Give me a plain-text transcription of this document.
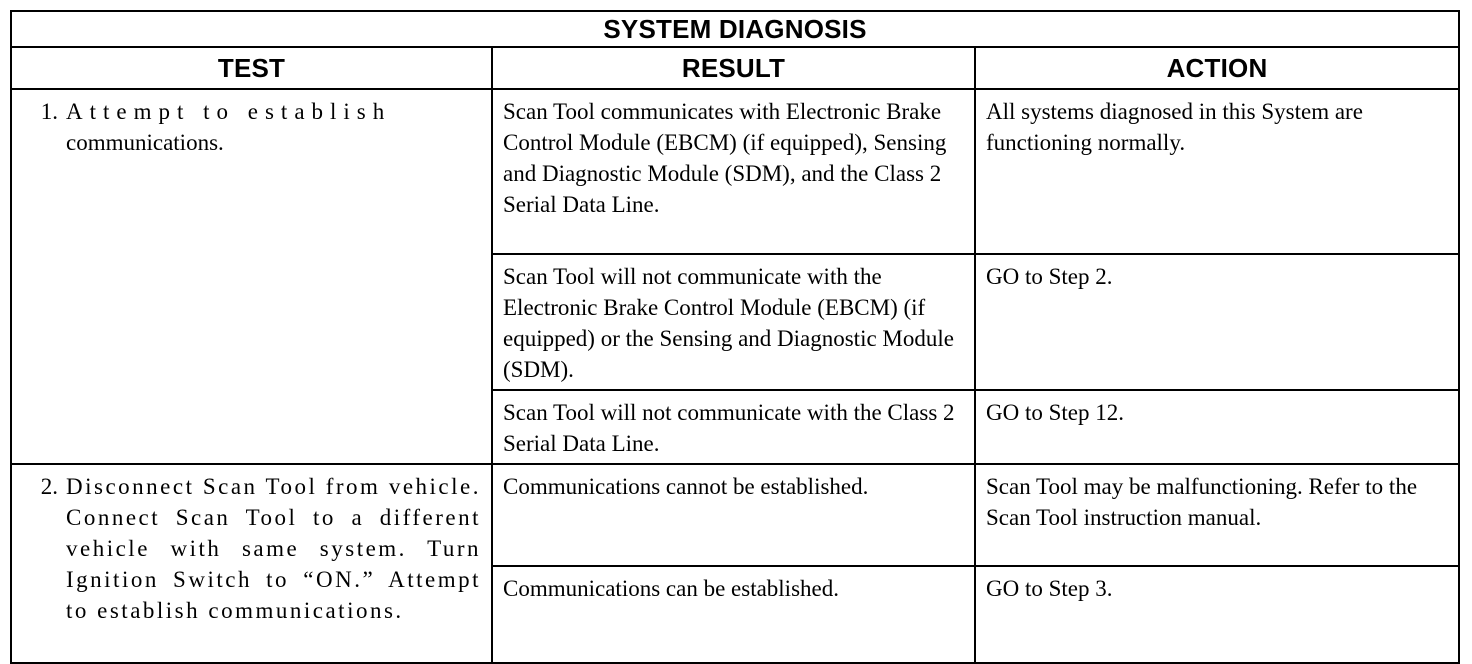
SYSTEM DIAGNOSIS		
TEST	RESULT	ACTION

1. Attempt to establish
communications.	Scan Tool communicates with Electronic Brake Control Module (EBCM) (if equipped), Sensing and Diagnostic Module (SDM), and the Class 2 Serial Data Line.	All systems diagnosed in this System are functioning normally.
	Scan Tool will not communicate with the Electronic Brake Control Module (EBCM) (if equipped) or the Sensing and Diagnostic Module (SDM).	GO to Step 2.
	Scan Tool will not communicate with the Class 2 Serial Data Line.	GO to Step 12.

2. Disconnect Scan Tool from vehicle. Connect Scan Tool to a different vehicle with same system. Turn Ignition Switch to “ON.” Attempt to establish communications.	Communications cannot be established.	Scan Tool may be malfunctioning. Refer to the Scan Tool instruction manual.
	Communications can be established.	GO to Step 3.
